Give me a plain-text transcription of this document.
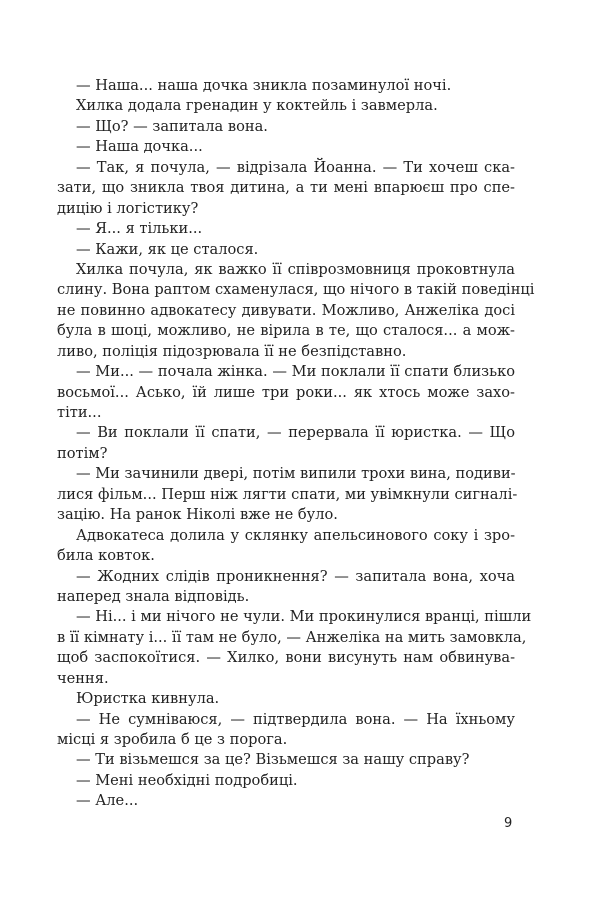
— Наша... наша дочка зникла позаминулої ночі.
Хилка додала гренадин у коктейль і завмерла.
— Що? — запитала вона.
— Наша дочка...
— Так, я почула, — відрізала Йоанна. — Ти хочеш ска-
зати, що зникла твоя дитина, а ти мені впарюєш про спе-
дицію і логістику?
— Я... я тільки...
— Кажи, як це сталося.
Хилка почула, як важко її співрозмовниця проковтнула
слину. Вона раптом схаменулася, що нічого в такій поведінці
не повинно адвокатесу дивувати. Можливо, Анжеліка досі
була в шоці, можливо, не вірила в те, що сталося... а мож-
ливо, поліція підозрювала її не безпідставно.
— Ми... — почала жінка. — Ми поклали її спати близько
восьмої... Асько, їй лише три роки... як хтось може захо-
тіти...
— Ви поклали її спати, — перервала її юристка. — Що
потім?
— Ми зачинили двері, потім випили трохи вина, подиви-
лися фільм... Перш ніж лягти спати, ми увімкнули сигналі-
зацію. На ранок Ніколі вже не було.
Адвокатеса долила у склянку апельсинового соку і зро-
била ковток.
— Жодних слідів проникнення? — запитала вона, хоча
наперед знала відповідь.
— Ні... і ми нічого не чули. Ми прокинулися вранці, пішли
в її кімнату і... її там не було, — Анжеліка на мить замовкла,
щоб заспокоїтися. — Хилко, вони висунуть нам обвинува-
чення.
Юристка кивнула.
— Не сумніваюся, — підтвердила вона. — На їхньому
місці я зробила б це з порога.
— Ти візьмешся за це? Візьмешся за нашу справу?
— Мені необхідні подробиці.
— Але...
9
